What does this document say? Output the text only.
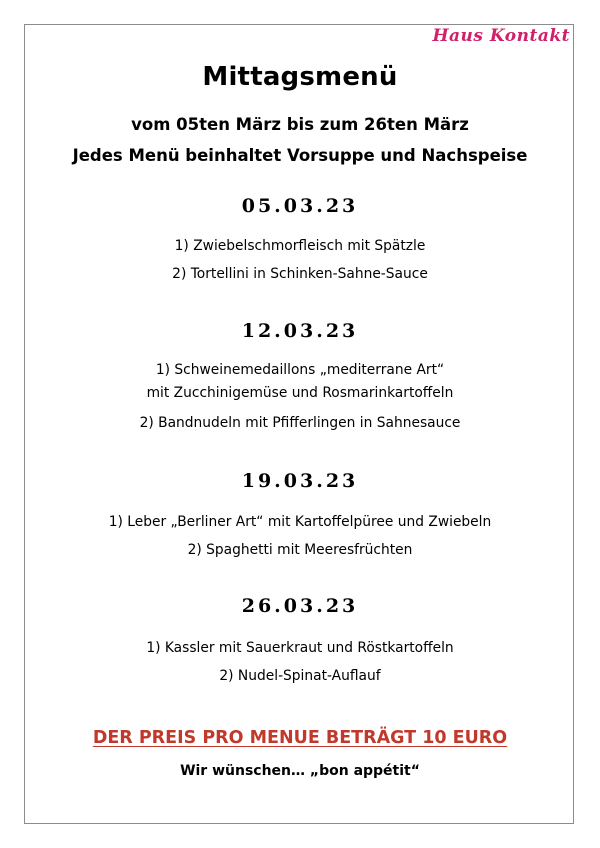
Haus Kontakt
Mittagsmenü
vom 05ten März bis zum 26ten März
Jedes Menü beinhaltet Vorsuppe und Nachspeise
05.03.23
1) Zwiebelschmorfleisch mit Spätzle
2) Tortellini in Schinken-Sahne-Sauce
12.03.23
1) Schweinemedaillons „mediterrane Art“
mit Zucchinigemüse und Rosmarinkartoffeln
2) Bandnudeln mit Pfifferlingen in Sahnesauce
19.03.23
1) Leber „Berliner Art“ mit Kartoffelpüree und Zwiebeln
2) Spaghetti mit Meeresfrüchten
26.03.23
1) Kassler mit Sauerkraut und Röstkartoffeln
2) Nudel-Spinat-Auflauf
DER PREIS PRO MENUE BETRÄGT 10 EURO
Wir wünschen… „bon appétit“
